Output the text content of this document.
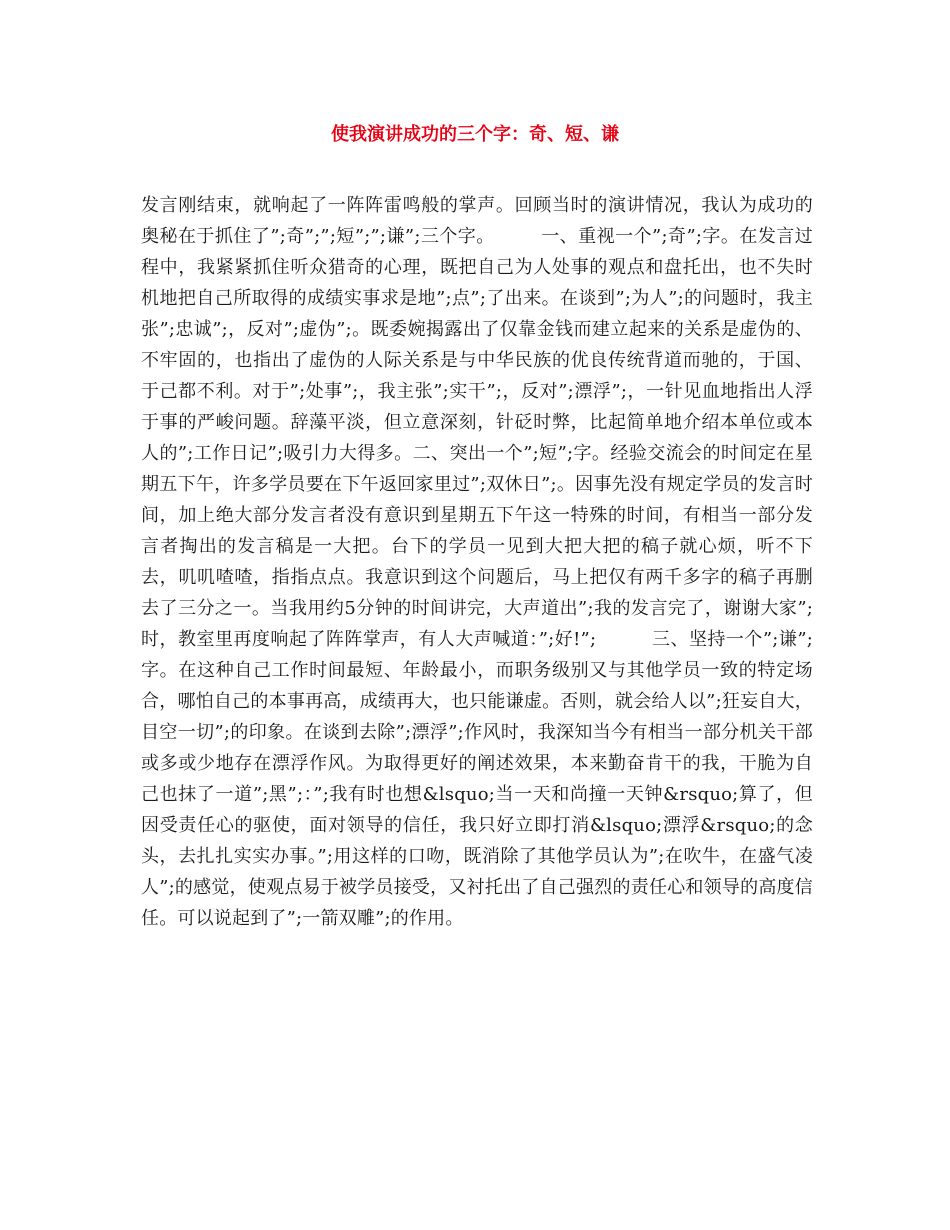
使我演讲成功的三个字：奇、短、谦

发言刚结束，就响起了一阵阵雷鸣般的掌声。回顾当时的演讲情况，我认为成功的奥秘在于抓住了”;奇”;”;短”;”;谦”;三个字。　　　一、重视一个”;奇”;字。在发言过程中，我紧紧抓住听众猎奇的心理，既把自己为人处事的观点和盘托出，也不失时机地把自己所取得的成绩实事求是地”;点”;了出来。在谈到”;为人”;的问题时，我主张”;忠诚”;，反对”;虚伪”;。既委婉揭露出了仅靠金钱而建立起来的关系是虚伪的、不牢固的，也指出了虚伪的人际关系是与中华民族的优良传统背道而驰的，于国、于己都不利。对于”;处事”;，我主张”;实干”;，反对”;漂浮”;，一针见血地指出人浮于事的严峻问题。辞藻平淡，但立意深刻，针砭时弊，比起简单地介绍本单位或本人的”;工作日记”;吸引力大得多。二、突出一个”;短”;字。经验交流会的时间定在星期五下午，许多学员要在下午返回家里过”;双休日”;。因事先没有规定学员的发言时间，加上绝大部分发言者没有意识到星期五下午这一特殊的时间，有相当一部分发言者掏出的发言稿是一大把。台下的学员一见到大把大把的稿子就心烦，听不下去，叽叽喳喳，指指点点。我意识到这个问题后，马上把仅有两千多字的稿子再删去了三分之一。当我用约5分钟的时间讲完，大声道出”;我的发言完了，谢谢大家”;时，教室里再度响起了阵阵掌声，有人大声喊道：”;好!”;　　　三、坚持一个”;谦”;字。在这种自己工作时间最短、年龄最小，而职务级别又与其他学员一致的特定场合，哪怕自己的本事再高，成绩再大，也只能谦虚。否则，就会给人以”;狂妄自大，目空一切”;的印象。在谈到去除”;漂浮”;作风时，我深知当今有相当一部分机关干部或多或少地存在漂浮作风。为取得更好的阐述效果，本来勤奋肯干的我，干脆为自己也抹了一道”;黑”;：”;我有时也想&lsquo;当一天和尚撞一天钟&rsquo;算了，但因受责任心的驱使，面对领导的信任，我只好立即打消&lsquo;漂浮&rsquo;的念头，去扎扎实实办事。”;用这样的口吻，既消除了其他学员认为”;在吹牛，在盛气凌人”;的感觉，使观点易于被学员接受，又衬托出了自己强烈的责任心和领导的高度信任。可以说起到了”;一箭双雕”;的作用。
